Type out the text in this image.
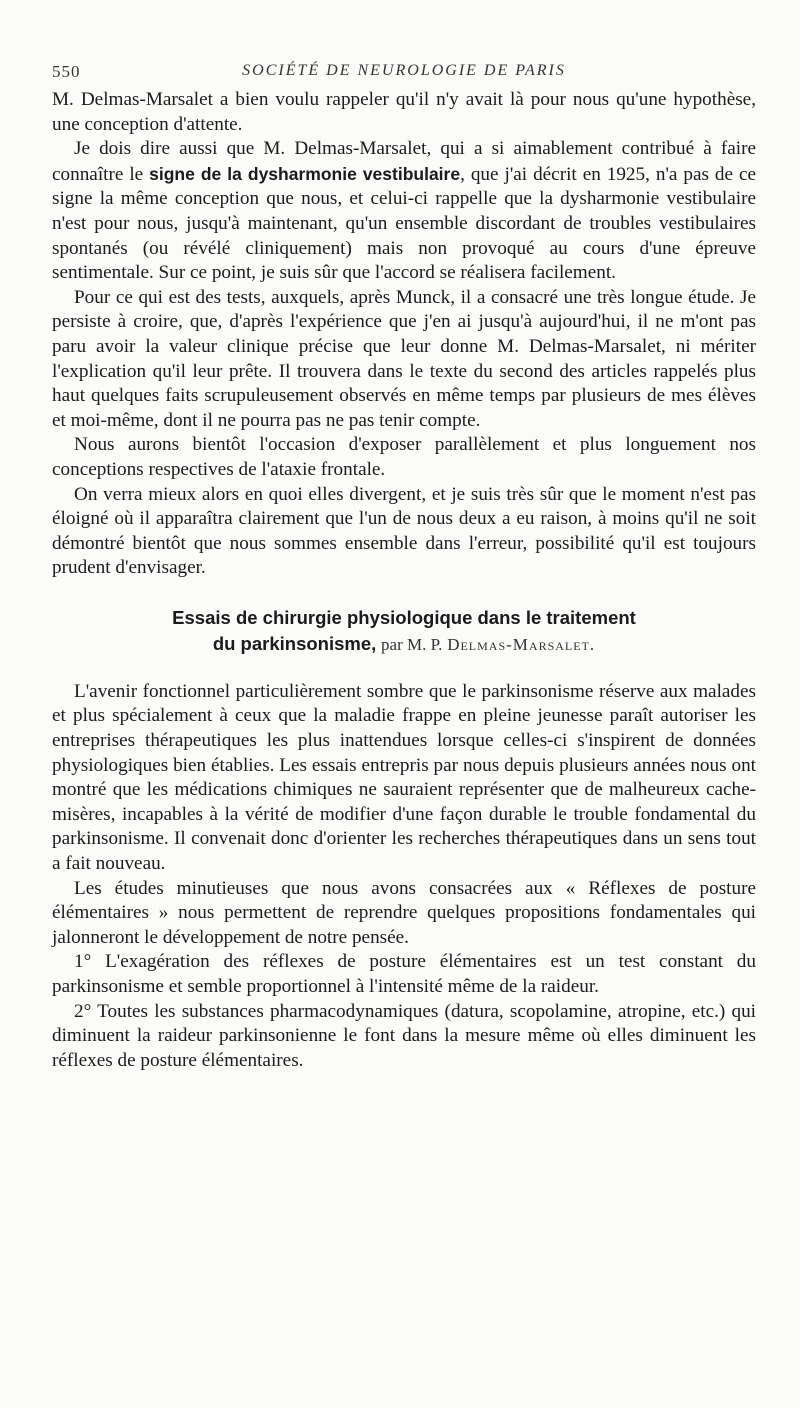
550	SOCIÉTÉ DE NEUROLOGIE DE PARIS

M. Delmas-Marsalet a bien voulu rappeler qu'il n'y avait là pour nous qu'une hypothèse, une conception d'attente.

Je dois dire aussi que M. Delmas-Marsalet, qui a si aimablement contribué à faire connaître le signe de la dysharmonie vestibulaire, que j'ai décrit en 1925, n'a pas de ce signe la même conception que nous, et celui-ci rappelle que la dysharmonie vestibulaire n'est pour nous, jusqu'à maintenant, qu'un ensemble discordant de troubles vestibulaires spontanés (ou révélé cliniquement) mais non provoqué au cours d'une épreuve sentimentale. Sur ce point, je suis sûr que l'accord se réalisera facilement.

Pour ce qui est des tests, auxquels, après Munck, il a consacré une très longue étude. Je persiste à croire, que, d'après l'expérience que j'en ai jusqu'à aujourd'hui, il ne m'ont pas paru avoir la valeur clinique précise que leur donne M. Delmas-Marsalet, ni mériter l'explication qu'il leur prête. Il trouvera dans le texte du second des articles rappelés plus haut quelques faits scrupuleusement observés en même temps par plusieurs de mes élèves et moi-même, dont il ne pourra pas ne pas tenir compte.

Nous aurons bientôt l'occasion d'exposer parallèlement et plus longuement nos conceptions respectives de l'ataxie frontale.

On verra mieux alors en quoi elles divergent, et je suis très sûr que le moment n'est pas éloigné où il apparaîtra clairement que l'un de nous deux a eu raison, à moins qu'il ne soit démontré bientôt que nous sommes ensemble dans l'erreur, possibilité qu'il est toujours prudent d'envisager.

Essais de chirurgie physiologique dans le traitement
du parkinsonisme, par M. P. Delmas-Marsalet.

L'avenir fonctionnel particulièrement sombre que le parkinsonisme réserve aux malades et plus spécialement à ceux que la maladie frappe en pleine jeunesse paraît autoriser les entreprises thérapeutiques les plus inattendues lorsque celles-ci s'inspirent de données physiologiques bien établies. Les essais entrepris par nous depuis plusieurs années nous ont montré que les médications chimiques ne sauraient représenter que de malheureux cache-misères, incapables à la vérité de modifier d'une façon durable le trouble fondamental du parkinsonisme. Il convenait donc d'orienter les recherches thérapeutiques dans un sens tout a fait nouveau.

Les études minutieuses que nous avons consacrées aux « Réflexes de posture élémentaires » nous permettent de reprendre quelques propositions fondamentales qui jalonneront le développement de notre pensée.

1° L'exagération des réflexes de posture élémentaires est un test constant du parkinsonisme et semble proportionnel à l'intensité même de la raideur.

2° Toutes les substances pharmacodynamiques (datura, scopolamine, atropine, etc.) qui diminuent la raideur parkinsonienne le font dans la mesure même où elles diminuent les réflexes de posture élémentaires.
